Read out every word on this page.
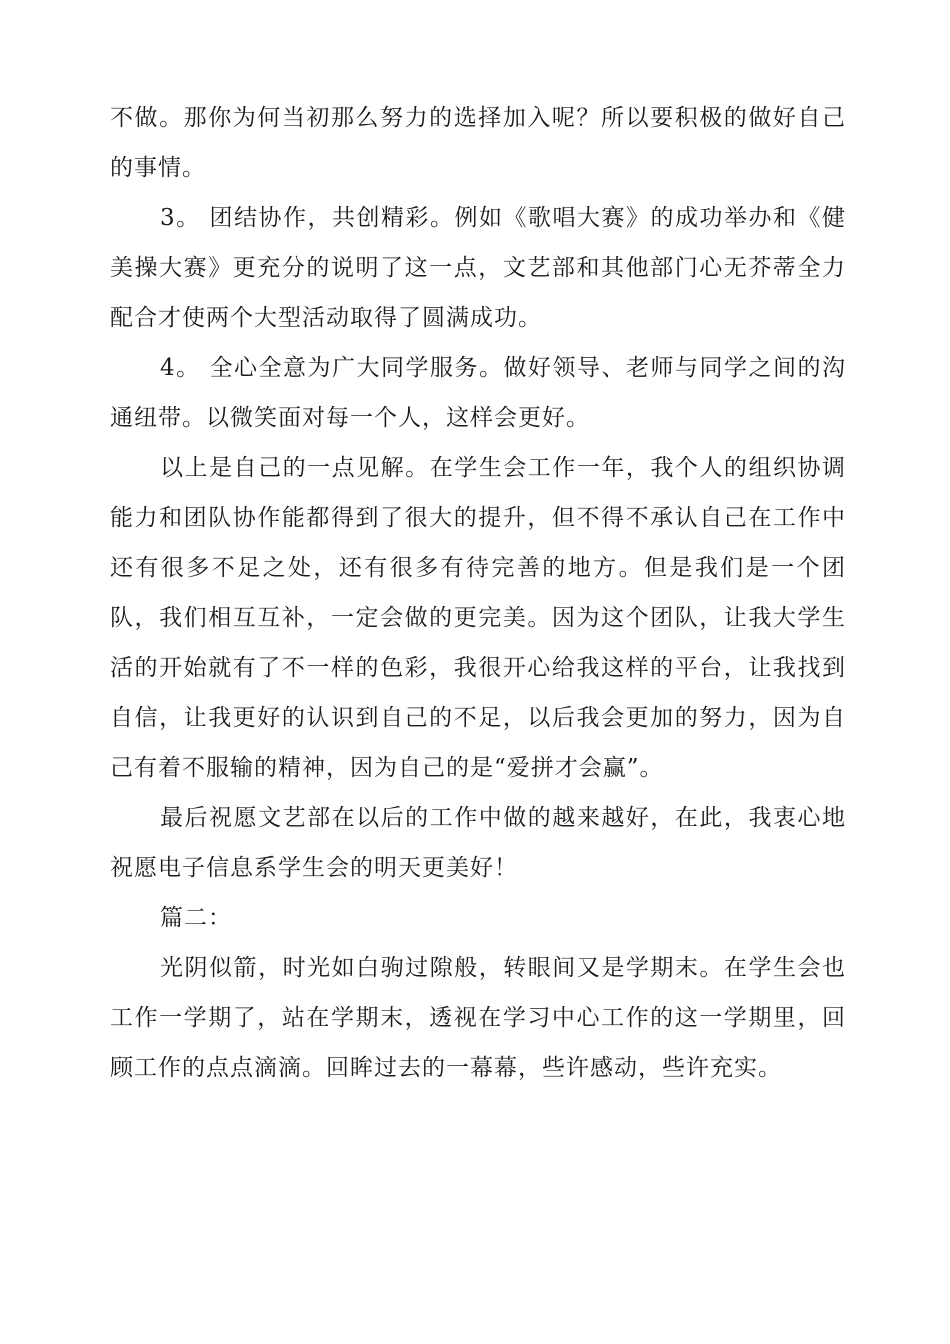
不做。那你为何当初那么努力的选择加入呢？所以要积极的做好自己的事情。

3。 团结协作，共创精彩。例如《歌唱大赛》的成功举办和《健美操大赛》更充分的说明了这一点，文艺部和其他部门心无芥蒂全力配合才使两个大型活动取得了圆满成功。

4。 全心全意为广大同学服务。做好领导、老师与同学之间的沟通纽带。以微笑面对每一个人，这样会更好。

以上是自己的一点见解。在学生会工作一年，我个人的组织协调能力和团队协作能都得到了很大的提升，但不得不承认自己在工作中还有很多不足之处，还有很多有待完善的地方。但是我们是一个团队，我们相互互补，一定会做的更完美。因为这个团队，让我大学生活的开始就有了不一样的色彩，我很开心给我这样的平台，让我找到自信，让我更好的认识到自己的不足，以后我会更加的努力，因为自己有着不服输的精神，因为自己的是“爱拼才会赢”。

最后祝愿文艺部在以后的工作中做的越来越好，在此，我衷心地祝愿电子信息系学生会的明天更美好！

篇二：

光阴似箭，时光如白驹过隙般，转眼间又是学期末。在学生会也工作一学期了，站在学期末，透视在学习中心工作的这一学期里，回顾工作的点点滴滴。回眸过去的一幕幕，些许感动，些许充实。
